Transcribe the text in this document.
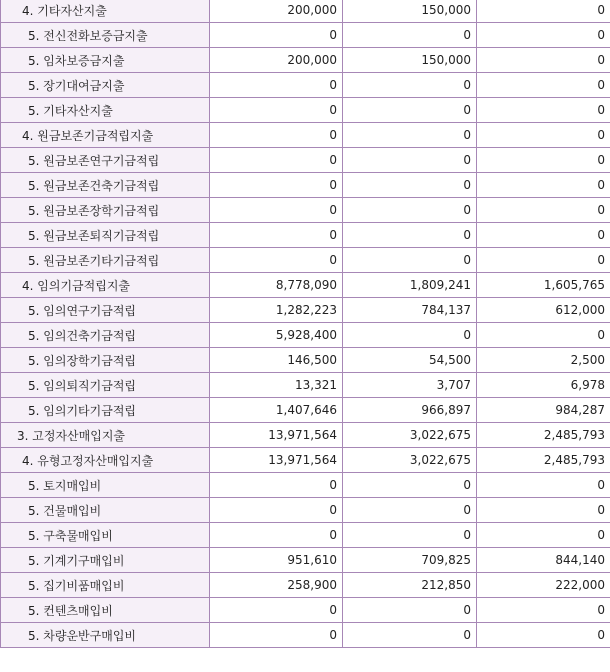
4. 기타자산지출	200,000	150,000	0
5. 전신전화보증금지출	0	0	0
5. 임차보증금지출	200,000	150,000	0
5. 장기대여금지출	0	0	0
5. 기타자산지출	0	0	0
4. 원금보존기금적립지출	0	0	0
5. 원금보존연구기금적립	0	0	0
5. 원금보존건축기금적립	0	0	0
5. 원금보존장학기금적립	0	0	0
5. 원금보존퇴직기금적립	0	0	0
5. 원금보존기타기금적립	0	0	0
4. 임의기금적립지출	8,778,090	1,809,241	1,605,765
5. 임의연구기금적립	1,282,223	784,137	612,000
5. 임의건축기금적립	5,928,400	0	0
5. 임의장학기금적립	146,500	54,500	2,500
5. 임의퇴직기금적립	13,321	3,707	6,978
5. 임의기타기금적립	1,407,646	966,897	984,287
3. 고정자산매입지출	13,971,564	3,022,675	2,485,793
4. 유형고정자산매입지출	13,971,564	3,022,675	2,485,793
5. 토지매입비	0	0	0
5. 건물매입비	0	0	0
5. 구축물매입비	0	0	0
5. 기계기구매입비	951,610	709,825	844,140
5. 집기비품매입비	258,900	212,850	222,000
5. 컨텐츠매입비	0	0	0
5. 차량운반구매입비	0	0	0
